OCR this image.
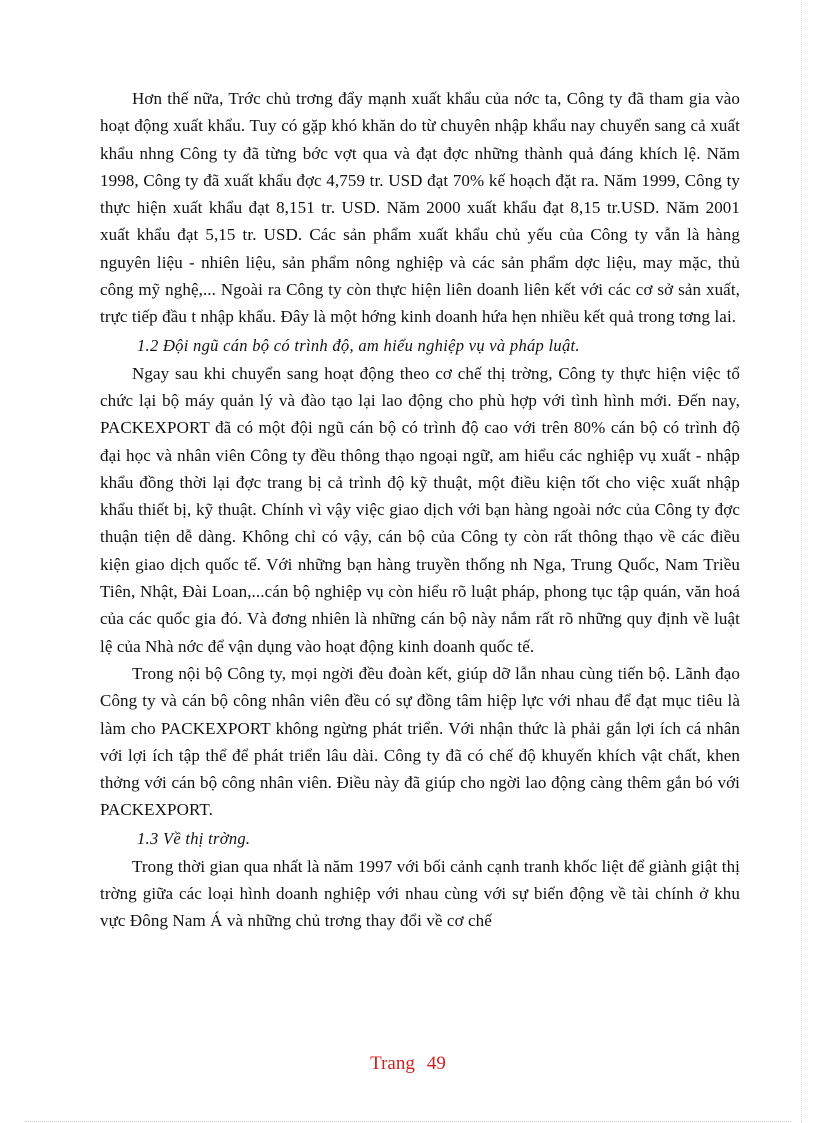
Hơn thế nữa, Trớc chủ trơng đẩy mạnh xuất khẩu của nớc ta, Công ty đã tham gia vào hoạt động xuất khẩu. Tuy có gặp khó khăn do từ chuyên nhập khẩu nay chuyển sang cả xuất khẩu nhng Công ty đã từng bớc vợt qua và đạt đợc những thành quả đáng khích lệ. Năm 1998, Công ty đã xuất khẩu đợc 4,759 tr. USD đạt 70% kế hoạch đặt ra. Năm 1999, Công ty thực hiện xuất khẩu đạt 8,151 tr. USD. Năm 2000 xuất khẩu đạt 8,15 tr.USD. Năm 2001 xuất khẩu đạt 5,15 tr. USD. Các sản phẩm xuất khẩu chủ yếu của Công ty vẫn là hàng nguyên liệu - nhiên liệu, sản phẩm nông nghiệp và các sản phẩm dợc liệu, may mặc, thủ công mỹ nghệ,... Ngoài ra Công ty còn thực hiện liên doanh liên kết với các cơ sở sản xuất, trực tiếp đầu t nhập khẩu. Đây là một hớng kinh doanh hứa hẹn nhiều kết quả trong tơng lai.

1.2 Đội ngũ cán bộ có trình độ, am hiểu nghiệp vụ và pháp luật.

Ngay sau khi chuyển sang hoạt động theo cơ chế thị trờng, Công ty thực hiện việc tổ chức lại bộ máy quản lý và đào tạo lại lao động cho phù hợp với tình hình mới. Đến nay, PACKEXPORT đã có một đội ngũ cán bộ có trình độ cao với trên 80% cán bộ có trình độ đại học và nhân viên Công ty đều thông thạo ngoại ngữ, am hiểu các nghiệp vụ xuất - nhập khẩu đồng thời lại đợc trang bị cả trình độ kỹ thuật, một điều kiện tốt cho việc xuất nhập khẩu thiết bị, kỹ thuật. Chính vì vậy việc giao dịch với bạn hàng ngoài nớc của Công ty đợc thuận tiện dễ dàng. Không chỉ có vậy, cán bộ của Công ty còn rất thông thạo về các điều kiện giao dịch quốc tế. Với những bạn hàng truyền thống nh Nga, Trung Quốc, Nam Triều Tiên, Nhật, Đài Loan,...cán bộ nghiệp vụ còn hiểu rõ luật pháp, phong tục tập quán, văn hoá của các quốc gia đó. Và đơng nhiên là những cán bộ này nắm rất rõ những quy định về luật lệ của Nhà nớc để vận dụng vào hoạt động kinh doanh quốc tế.

Trong nội bộ Công ty, mọi ngời đều đoàn kết, giúp dỡ lẫn nhau cùng tiến bộ. Lãnh đạo Công ty và cán bộ công nhân viên đều có sự đồng tâm hiệp lực với nhau để đạt mục tiêu là làm cho PACKEXPORT không ngừng phát triển. Với nhận thức là phải gắn lợi ích cá nhân với lợi ích tập thể để phát triển lâu dài. Công ty đã có chế độ khuyến khích vật chất, khen thởng với cán bộ công nhân viên. Điều này đã giúp cho ngời lao động càng thêm gắn bó với PACKEXPORT.

1.3 Về thị trờng.

Trong thời gian qua nhất là năm 1997 với bối cảnh cạnh tranh khốc liệt để giành giật thị trờng giữa các loại hình doanh nghiệp với nhau cùng với sự biến động về tài chính ở khu vực Đông Nam Á và những chủ trơng thay đổi về cơ chế

Trang 49
